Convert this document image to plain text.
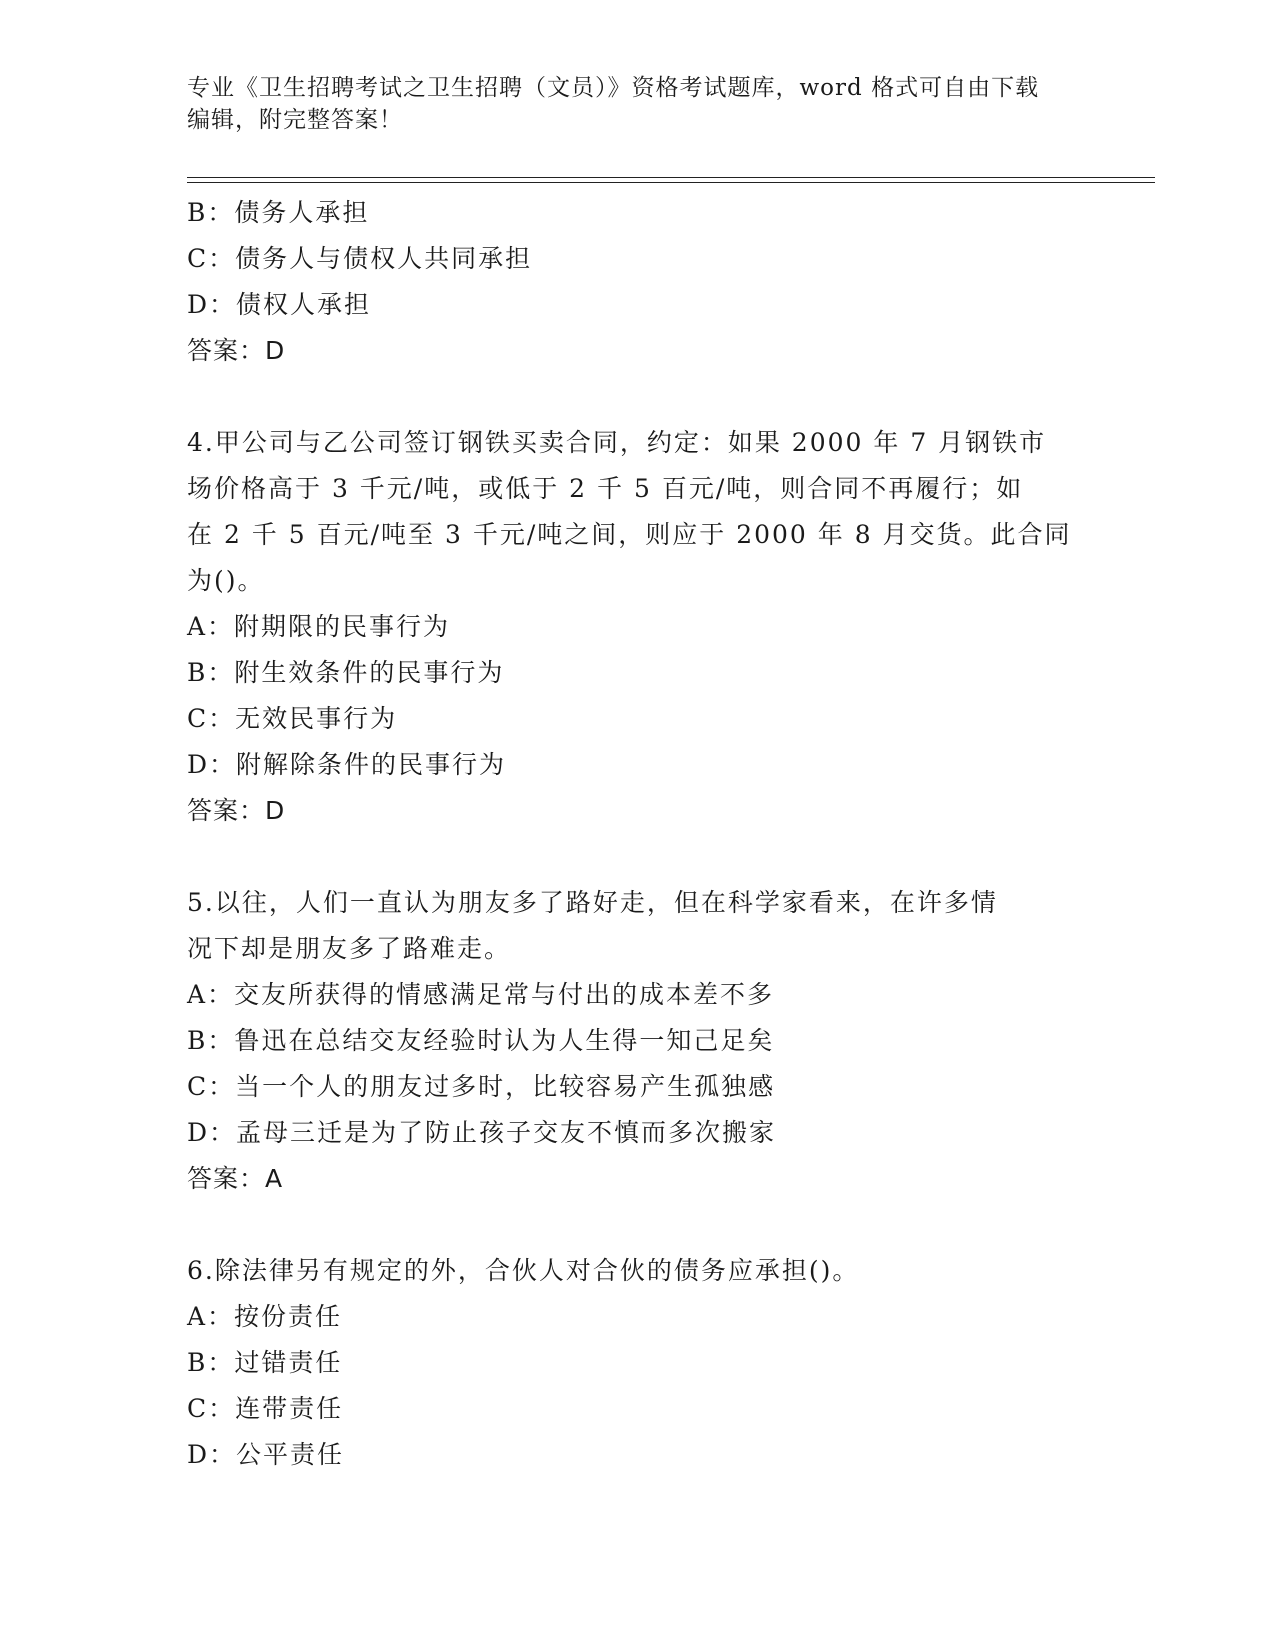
专业《卫生招聘考试之卫生招聘（文员）》资格考试题库，word 格式可自由下载
编辑，附完整答案！
B：债务人承担
C：债务人与债权人共同承担
D：债权人承担
答案：D
4.甲公司与乙公司签订钢铁买卖合同，约定：如果 2000 年 7 月钢铁市
场价格高于 3 千元/吨，或低于 2 千 5 百元/吨，则合同不再履行；如
在 2 千 5 百元/吨至 3 千元/吨之间，则应于 2000 年 8 月交货。此合同
为()。
A：附期限的民事行为
B：附生效条件的民事行为
C：无效民事行为
D：附解除条件的民事行为
答案：D
5.以往，人们一直认为朋友多了路好走，但在科学家看来，在许多情
况下却是朋友多了路难走。
A：交友所获得的情感满足常与付出的成本差不多
B：鲁迅在总结交友经验时认为人生得一知己足矣
C：当一个人的朋友过多时，比较容易产生孤独感
D：孟母三迁是为了防止孩子交友不慎而多次搬家
答案：A
6.除法律另有规定的外，合伙人对合伙的债务应承担()。
A：按份责任
B：过错责任
C：连带责任
D：公平责任
